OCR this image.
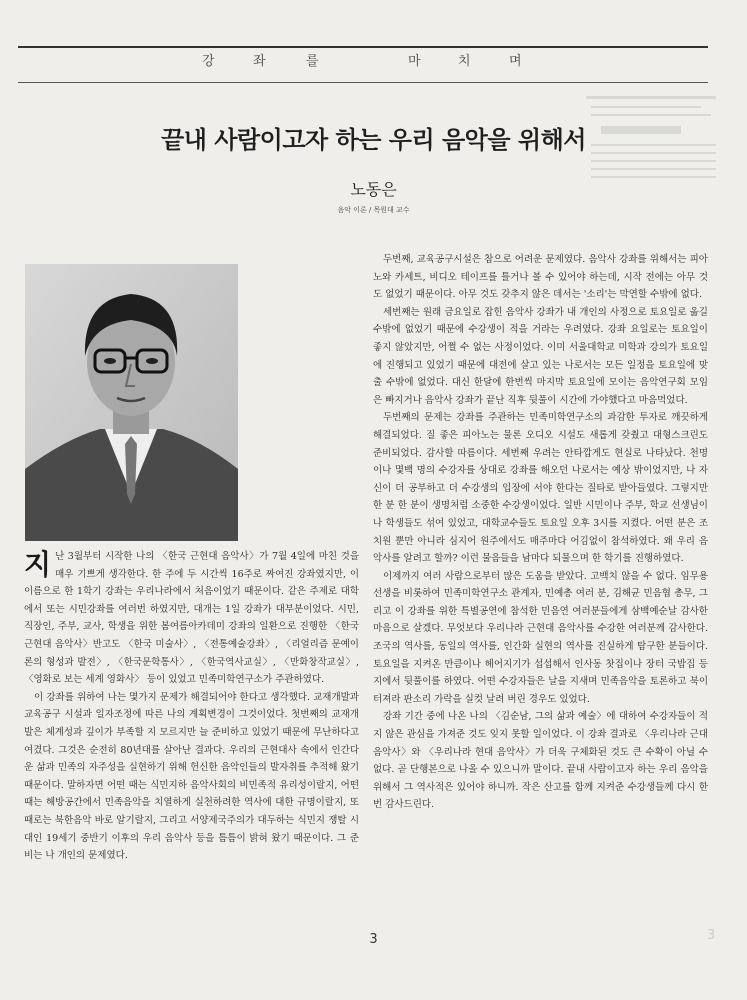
강	좌	를	마	치	며
끝내 사람이고자 하는 우리 음악을 위해서
노동은
음악 이론 / 목원대 교수

지난 3월부터 시작한 나의 〈한국 근현대 음악사〉가 7월 4일에 마친 것을 매우 기쁘게 생각한다. 한 주에 두 시간씩 16주로 짜여진 강좌였지만, 이 이름으로 한 1학기 강좌는 우리나라에서 처음이었기 때문이다. 같은 주제로 대학에서 또는 시민강좌를 여러번 하였지만, 대개는 1일 강좌가 대부분이었다. 시민,직장인, 주부, 교사, 학생을 위한 봄여름아카데미 강좌의 일환으로 진행한 〈한국 근현대 음악사〉반고도 〈한국 미술사〉, 〈전통예술강좌〉, 〈리얼리즘 문예이론의 형성과 발전〉, 〈한국문학통사〉, 〈한국역사교실〉, 〈만화창작교실〉, 〈영화로 보는 세계 영화사〉 등이 있었고 민족미학연구소가 주관하였다.

이 강좌를 위하여 나는 몇가지 문제가 해결되어야 한다고 생각했다. 교재개발과 교육공구 시설과 일자조정에 따른 나의 계획변경이 그것이었다. 첫번째의 교재개발은 체계성과 깊이가 부족할 지 모르지만 늘 준비하고 있었기 때문에 무난하다고 여겼다. 그것은 순전히 80년대를 살아난 결과다. 우리의 근현대사 속에서 인간다운 삶과 민족의 자주성을 실현하기 위해 헌신한 음악인들의 발자취를 추적해 왔기 때문이다. 말하자면 어떤 때는 식민지하 음악사회의 비민족적 유리성이랄지, 어떤 때는 해방공간에서 민족음악을 치열하게 실천하려한 역사에 대한 규명이랄지, 또 때로는 북한음악 바로 알기랄지, 그리고 서양제국주의가 대두하는 식민지 쟁탈 시대인 19세기 중반기 이후의 우리 음악사 등을 틈틈이 밝혀 왔기 때문이다. 그 준비는 나 개인의 문제였다.

두번째, 교육공구시설은 참으로 어려운 문제였다. 음악사 강좌를 위해서는 피아노와 카세트, 비디오 테이프를 틀거나 볼 수 있어야 하는데, 시작 전에는 아무 것도 없었기 때문이다. 아무 것도 갖추지 않은 데서는 '소리'는 막연할 수밖에 없다.

세번째는 원래 금요일로 잡힌 음악사 강좌가 내 개인의 사정으로 토요일로 옮길 수밖에 없었기 때문에 수강생이 적을 거라는 우려였다. 강좌 요일로는 토요일이 좋지 않았지만, 어쩔 수 없는 사정이었다. 이미 서울대학교 미학과 강의가 토요일에 진행되고 있었기 때문에 대전에 살고 있는 나로서는 모든 일정을 토요일에 맞출 수밖에 없었다. 대신 한달에 한번씩 마지막 토요일에 모이는 음악연구회 모임은 빠지거나 음악사 강좌가 끝난 직후 뒷풀이 시간에 가야했다고 마음먹었다.

두번째의 문제는 강좌를 주관하는 민족미학연구소의 과감한 투자로 깨끗하게 해결되었다. 질 좋은 피아노는 물론 오디오 시설도 새롭게 갖췄고 대형스크린도 준비되었다. 감사할 따름이다. 세번째 우려는 안타깝게도 현실로 나타났다. 천명이나 몇백 명의 수강자를 상대로 강좌를 해오던 나로서는 예상 밖이었지만, 나 자신이 더 공부하고 더 수강생의 입장에 서야 한다는 질타로 받아들였다. 그렇지만 한 분 한 분이 생명처럼 소중한 수강생이었다. 일반 시민이나 주부, 학교 선생님이나 학생들도 섞여 있었고, 대학교수들도 토요일 오후 3시를 지켰다. 어떤 분은 조치원 뿐만 아니라 심지어 원주에서도 매주마다 어김없이 참석하였다. 왜 우리 음악사를 알려고 할까? 이런 물음들을 남마다 되물으며 한 학기를 진행하였다.

이제까지 여러 사람으로부터 많은 도움을 받았다. 고백치 않을 수 없다. 임무용 선생을 비롯하여 민족미학연구소 관계자, 민예총 여러 분, 김해균 민음협 총무, 그리고 이 강좌를 위한 특별공연에 참석한 민음연 여러분들에게 삼백예순날 감사한 마음으로 살겠다. 무엇보다 우리나라 근현대 음악사를 수강한 여러분께 감사한다. 조국의 역사를, 동일의 역사를, 인간화 실현의 역사를 진실하게 탐구한 분들이다. 토요일을 지켜온 만큼이나 헤어지기가 섭섭해서 인사동 찻집이나 장터 국밥집 등지에서 뒷풀이를 하였다. 어떤 수강자들은 날을 지새며 민족음악을 토론하고 북이 터져라 판소리 가락을 실컷 날려 버린 경우도 있었다.

강좌 기간 중에 나온 나의 〈김순남, 그의 삶과 예술〉에 대하여 수강자들이 적지 않은 관심을 가져준 것도 잊지 못할 일이었다. 이 강좌 결과로 〈우리나라 근대 음악사〉와 〈우리나라 현대 음악사〉가 더욱 구체화된 것도 큰 수확이 아닐 수 없다. 곧 단행본으로 나올 수 있으니까 말이다. 끝내 사람이고자 하는 우리 음악을 위해서 그 역사적은 있어야 하니까. 작은 산고를 함께 지켜준 수강생들께 다시 한번 감사드린다.

3	3
